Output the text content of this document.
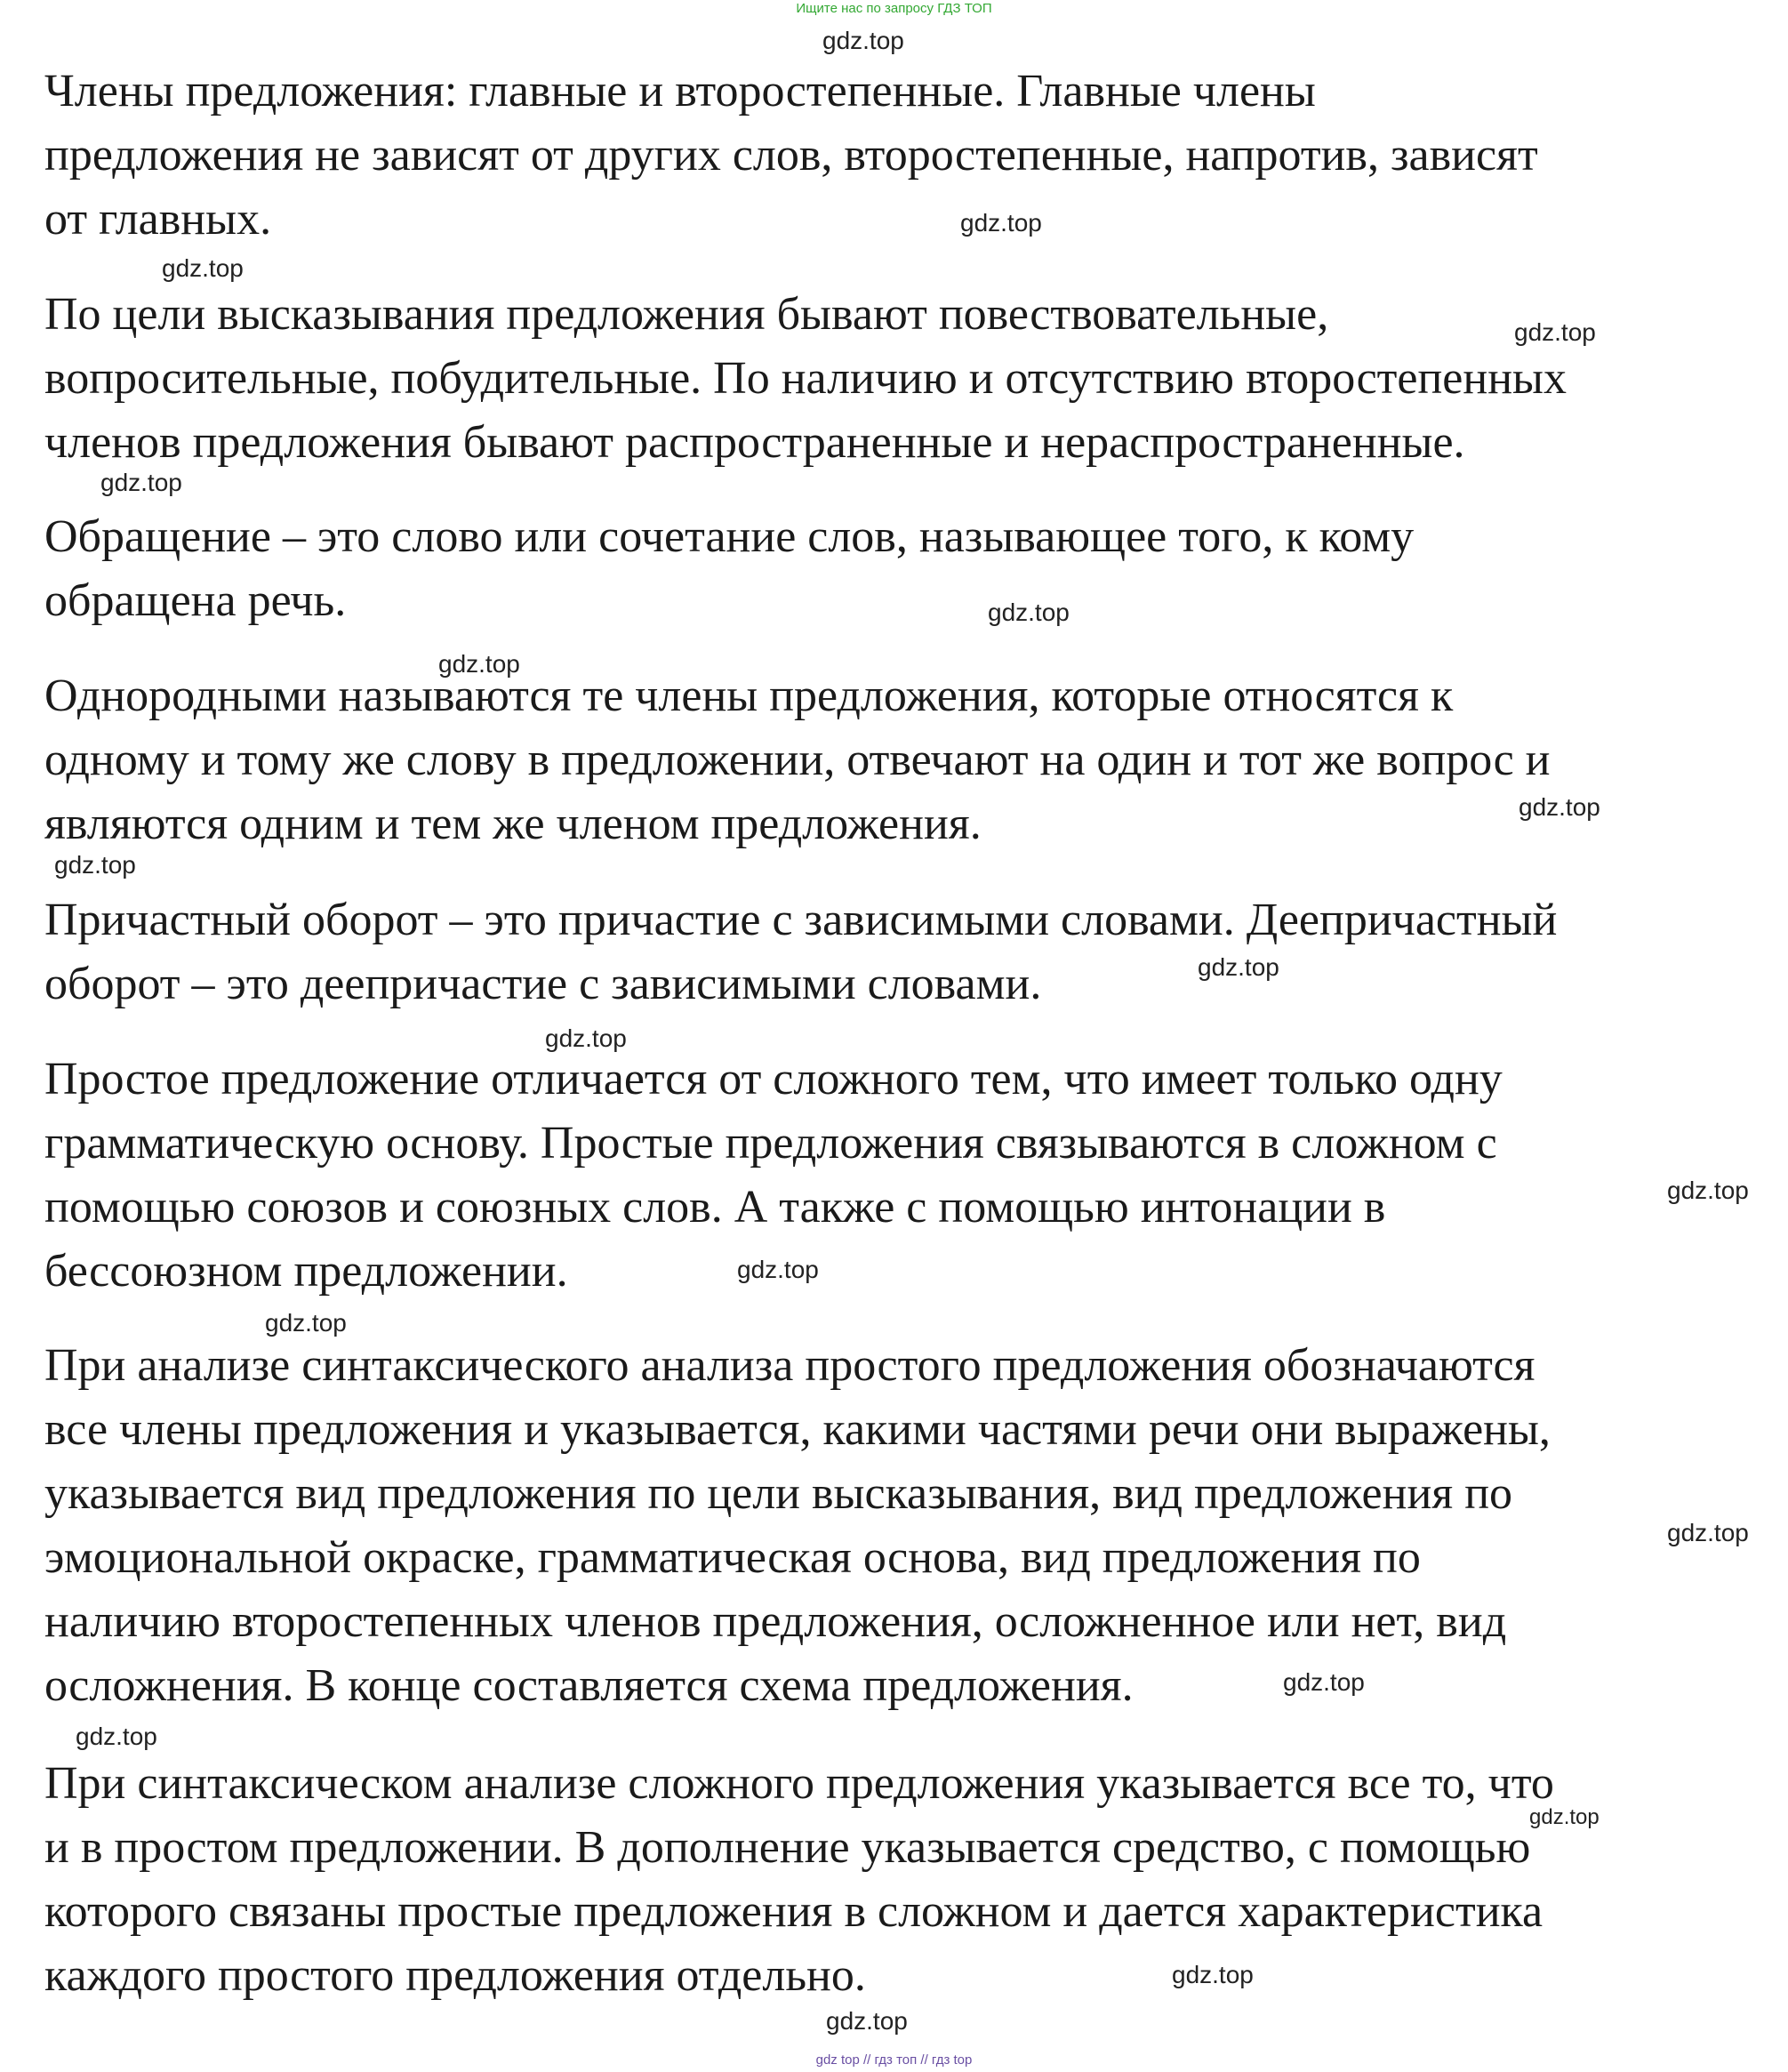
Ищите нас по запросу ГДЗ ТОП
Члены предложения: главные и второстепенные. Главные члены
предложения не зависят от других слов, второстепенные, напротив, зависят
от главных.
По цели высказывания предложения бывают повествовательные,
вопросительные, побудительные. По наличию и отсутствию второстепенных
членов предложения бывают распространенные и нераспространенные.
Обращение – это слово или сочетание слов, называющее того, к кому
обращена речь.
Однородными называются те члены предложения, которые относятся к
одному и тому же слову в предложении, отвечают на один и тот же вопрос и
являются одним и тем же членом предложения.
Причастный оборот – это причастие с зависимыми словами. Деепричастный
оборот – это деепричастие с зависимыми словами.
Простое предложение отличается от сложного тем, что имеет только одну
грамматическую основу. Простые предложения связываются в сложном с
помощью союзов и союзных слов. А также с помощью интонации в
бессоюзном предложении.
При анализе синтаксического анализа простого предложения обозначаются
все члены предложения и указывается, какими частями речи они выражены,
указывается вид предложения по цели высказывания, вид предложения по
эмоциональной окраске, грамматическая основа, вид предложения по
наличию второстепенных членов предложения, осложненное или нет, вид
осложнения. В конце составляется схема предложения.
При синтаксическом анализе сложного предложения указывается все то, что
и в простом предложении. В дополнение указывается средство, с помощью
которого связаны простые предложения в сложном и дается характеристика
каждого простого предложения отдельно.
gdz.top
gdz.top
gdz.top
gdz.top
gdz.top
gdz.top
gdz.top
gdz.top
gdz.top
gdz.top
gdz.top
gdz.top
gdz.top
gdz.top
gdz.top
gdz.top
gdz.top
gdz.top
gdz.top
gdz.top
gdz top // гдз топ // гдз top
